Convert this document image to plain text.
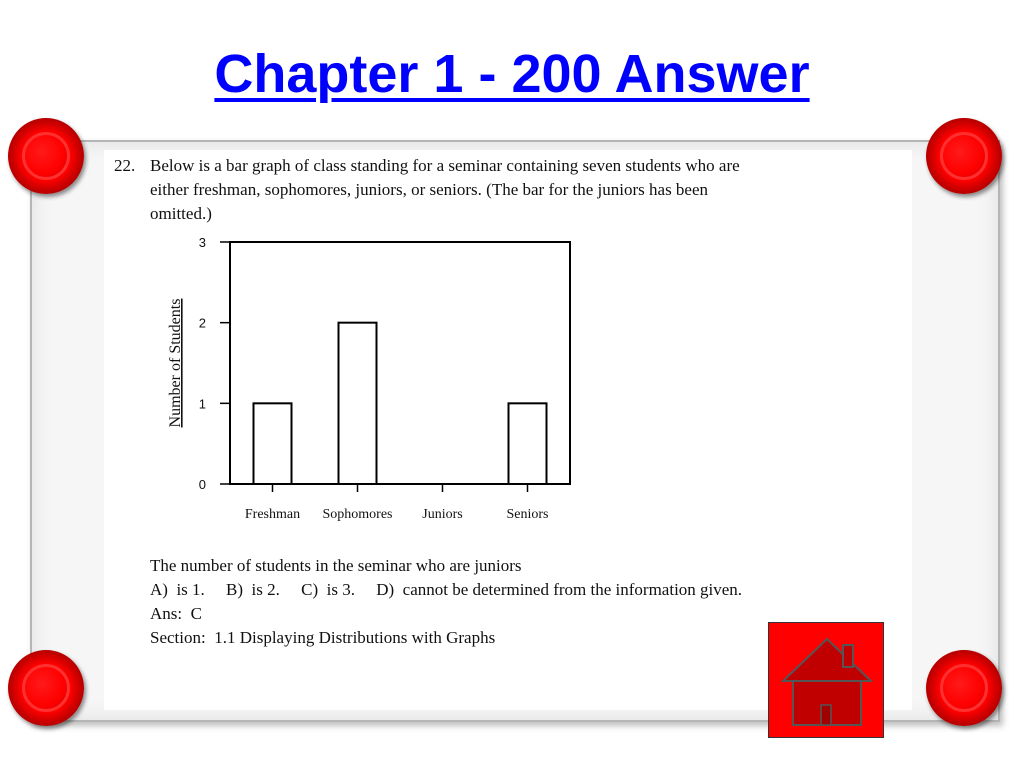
Chapter 1 - 200 Answer
22. Below is a bar graph of class standing for a seminar containing seven students who are
either freshman, sophomores, juniors, or seniors. (The bar for the juniors has been
omitted.)
Number of Students
0
1
2
3
Freshman Sophomores Juniors	Seniors
The number of students in the seminar who are juniors
A)  is 1.     B)  is 2.     C)  is 3.     D)  cannot be determined from the information given.
Ans:  C
Section:  1.1 Displaying Distributions with Graphs
